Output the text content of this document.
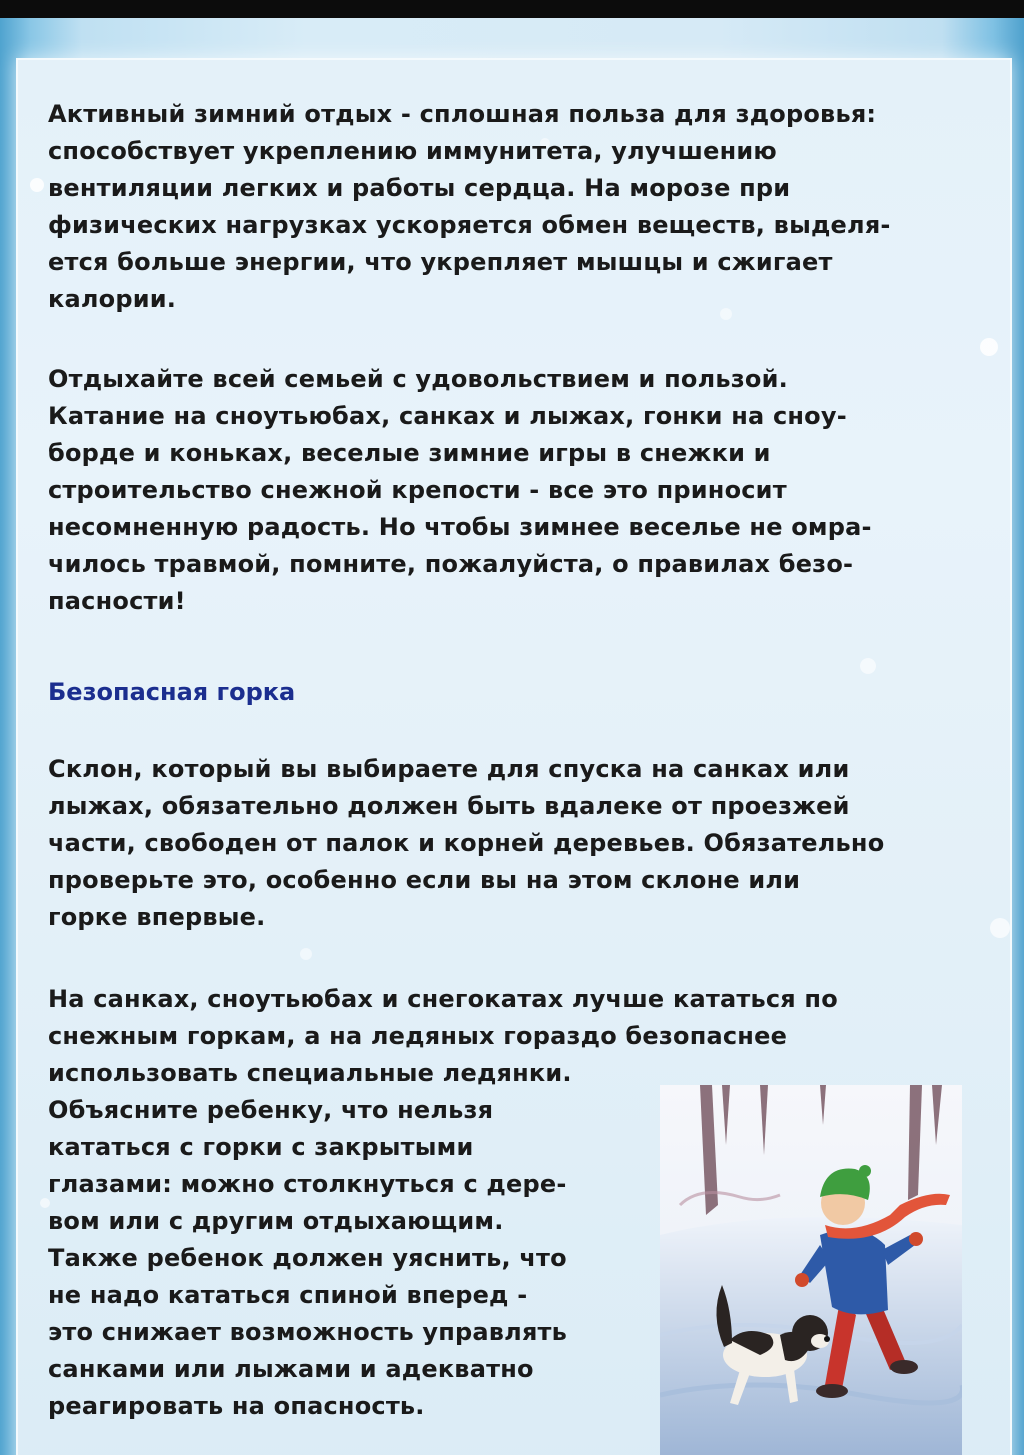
Активный зимний отдых - сплошная польза для здоровья:
способствует укреплению иммунитета, улучшению
вентиляции легких и работы сердца. На морозе при
физических нагрузках ускоряется обмен веществ, выделя-
ется больше энергии, что укрепляет мышцы и сжигает
калории.
Отдыхайте всей семьей с удовольствием и пользой.
Катание на сноутьюбах, санках и лыжах, гонки на сноу-
борде и коньках, веселые зимние игры в снежки и
строительство снежной крепости - все это приносит
несомненную радость. Но чтобы зимнее веселье не омра-
чилось травмой, помните, пожалуйста, о правилах безо-
пасности!
Безопасная горка
Склон, который вы выбираете для спуска на санках или
лыжах, обязательно должен быть вдалеке от проезжей
части, свободен от палок и корней деревьев. Обязательно
проверьте это, особенно если вы на этом склоне или
горке впервые.
На санках, сноутьюбах и снегокатах лучше кататься по
снежным горкам, а на ледяных гораздо безопаснее
использовать специальные ледянки.
Объясните ребенку, что нельзя
кататься с горки с закрытыми
глазами: можно столкнуться с дере-
вом или с другим отдыхающим.
Также ребенок должен уяснить, что
не надо кататься спиной вперед -
это снижает возможность управлять
санками или лыжами и адекватно
реагировать на опасность.
